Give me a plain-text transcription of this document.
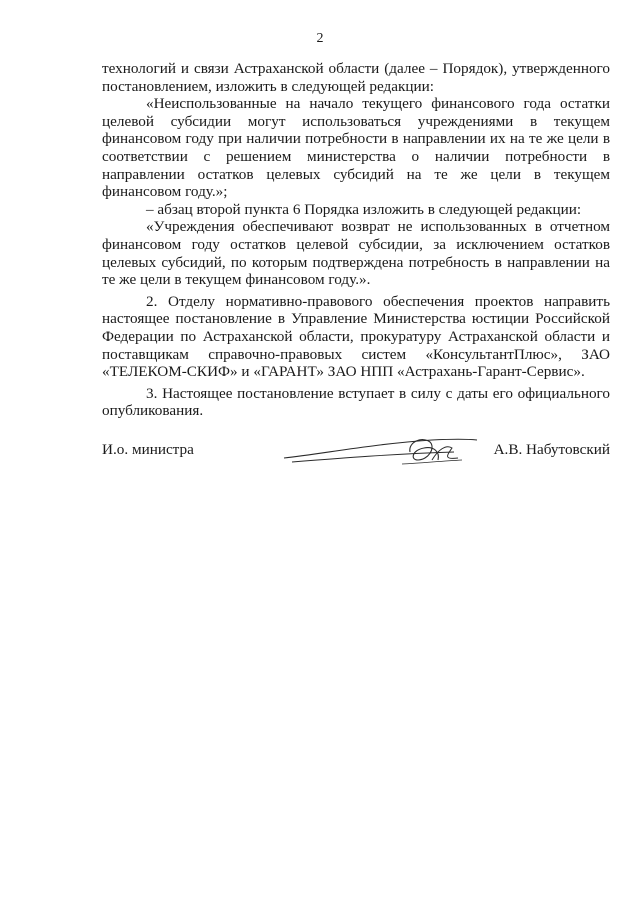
2

технологий и связи Астраханской области (далее – Порядок), утвержденного постановлением, изложить в следующей редакции:

«Неиспользованные на начало текущего финансового года остатки целевой субсидии могут использоваться учреждениями в текущем финансовом году при наличии потребности в направлении их на те же цели в соответствии с решением министерства о наличии потребности в направлении остатков целевых субсидий на те же цели в текущем финансовом году.»;

– абзац второй пункта 6 Порядка изложить в следующей редакции:

«Учреждения обеспечивают возврат не использованных в отчетном финансовом году остатков целевой субсидии, за исключением остатков целевых субсидий, по которым подтверждена потребность в направлении на те же цели в текущем финансовом году.».

2. Отделу нормативно-правового обеспечения проектов направить настоящее постановление в Управление Министерства юстиции Российской Федерации по Астраханской области, прокуратуру Астраханской области и поставщикам справочно-правовых систем «КонсультантПлюс», ЗАО «ТЕЛЕКОМ-СКИФ» и «ГАРАНТ» ЗАО НПП «Астрахань-Гарант-Сервис».

3. Настоящее постановление вступает в силу с даты его официального опубликования.

И.о. министра	А.В. Набутовский
